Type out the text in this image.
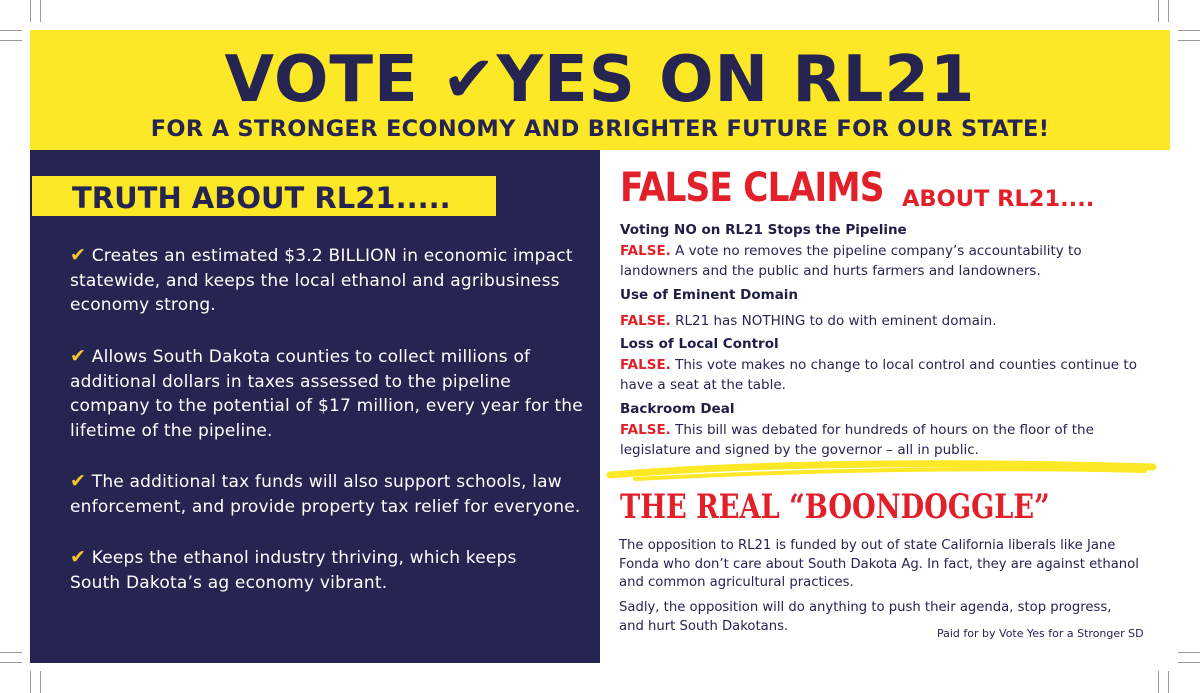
VOTE ✔YES ON RL21
FOR A STRONGER ECONOMY AND BRIGHTER FUTURE FOR OUR STATE!
TRUTH ABOUT RL21.....
✔ Creates an estimated $3.2 BILLION in economic impact statewide, and keeps the local ethanol and agribusiness economy strong.
✔ Allows South Dakota counties to collect millions of additional dollars in taxes assessed to the pipeline company to the potential of $17 million, every year for the lifetime of the pipeline.
✔ The additional tax funds will also support schools, law enforcement, and provide property tax relief for everyone.
✔ Keeps the ethanol industry thriving, which keeps South Dakota’s ag economy vibrant.
FALSE CLAIMS ABOUT RL21....
Voting NO on RL21 Stops the Pipeline
FALSE. A vote no removes the pipeline company’s accountability to landowners and the public and hurts farmers and landowners.
Use of Eminent Domain
FALSE. RL21 has NOTHING to do with eminent domain.
Loss of Local Control
FALSE. This vote makes no change to local control and counties continue to have a seat at the table.
Backroom Deal
FALSE. This bill was debated for hundreds of hours on the floor of the legislature and signed by the governor – all in public.
THE REAL “BOONDOGGLE”
The opposition to RL21 is funded by out of state California liberals like Jane Fonda who don’t care about South Dakota Ag. In fact, they are against ethanol and common agricultural practices.
Sadly, the opposition will do anything to push their agenda, stop progress, and hurt South Dakotans.	Paid for by Vote Yes for a Stronger SD
